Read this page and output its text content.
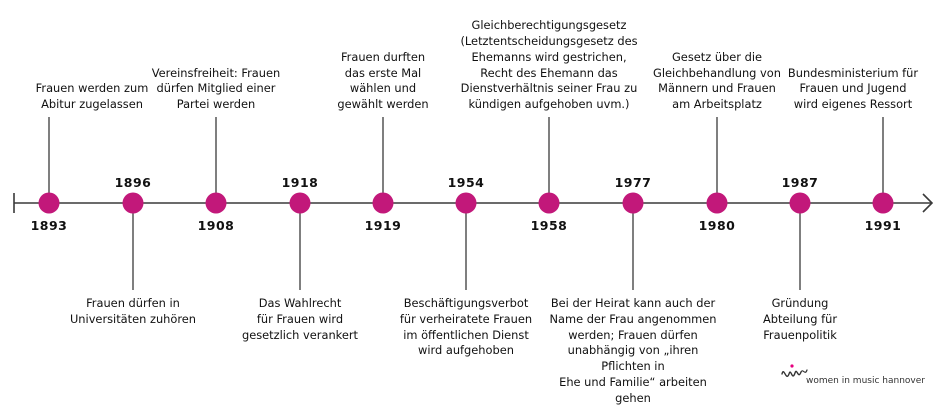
1893
Frauen werden zum
Abitur zugelassen
1896
Frauen dürfen in
Universitäten zuhören
1908
Vereinsfreiheit: Frauen
dürfen Mitglied einer
Partei werden
1918
Das Wahlrecht
für Frauen wird
gesetzlich verankert
1919
Frauen durften
das erste Mal
wählen und
gewählt werden
1954
Beschäftigungsverbot
für verheiratete Frauen
im öffentlichen Dienst
wird aufgehoben
1958
Gleichberechtigungsgesetz
(Letztentscheidungsgesetz des
Ehemanns wird gestrichen,
Recht des Ehemann das
Dienstverhältnis seiner Frau zu
kündigen aufgehoben uvm.)
1977
Bei der Heirat kann auch der
Name der Frau angenommen
werden; Frauen dürfen
unabhängig von „ihren Pflichten in
Ehe und Familie“ arbeiten gehen
1980
Gesetz über die
Gleichbehandlung von
Männern und Frauen
am Arbeitsplatz
1987
Gründung
Abteilung für
Frauenpolitik
1991
Bundesministerium für
Frauen und Jugend
wird eigenes Ressort
women in music hannover
